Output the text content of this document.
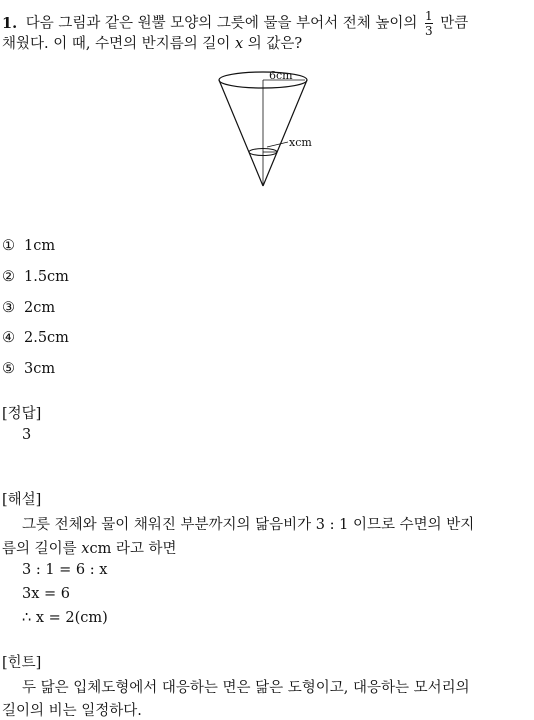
1. 다음 그림과 같은 원뿔 모양의 그릇에 물을 부어서 전체 높이의 $\frac{1}{3}$ 만큼
채웠다. 이 때, 수면의 반지름의 길이 x 의 값은?
6cm
xcm
① 1cm
② 1.5cm
③ 2cm
④ 2.5cm
⑤ 3cm
[정답]
3
[해설]
그릇 전체와 물이 채워진 부분까지의 닮음비가 3 : 1 이므로 수면의 반지
름의 길이를 xcm 라고 하면
3 : 1 = 6 : x
3x = 6
∴ x = 2(cm)
[힌트]
두 닮은 입체도형에서 대응하는 면은 닮은 도형이고, 대응하는 모서리의
길이의 비는 일정하다.
